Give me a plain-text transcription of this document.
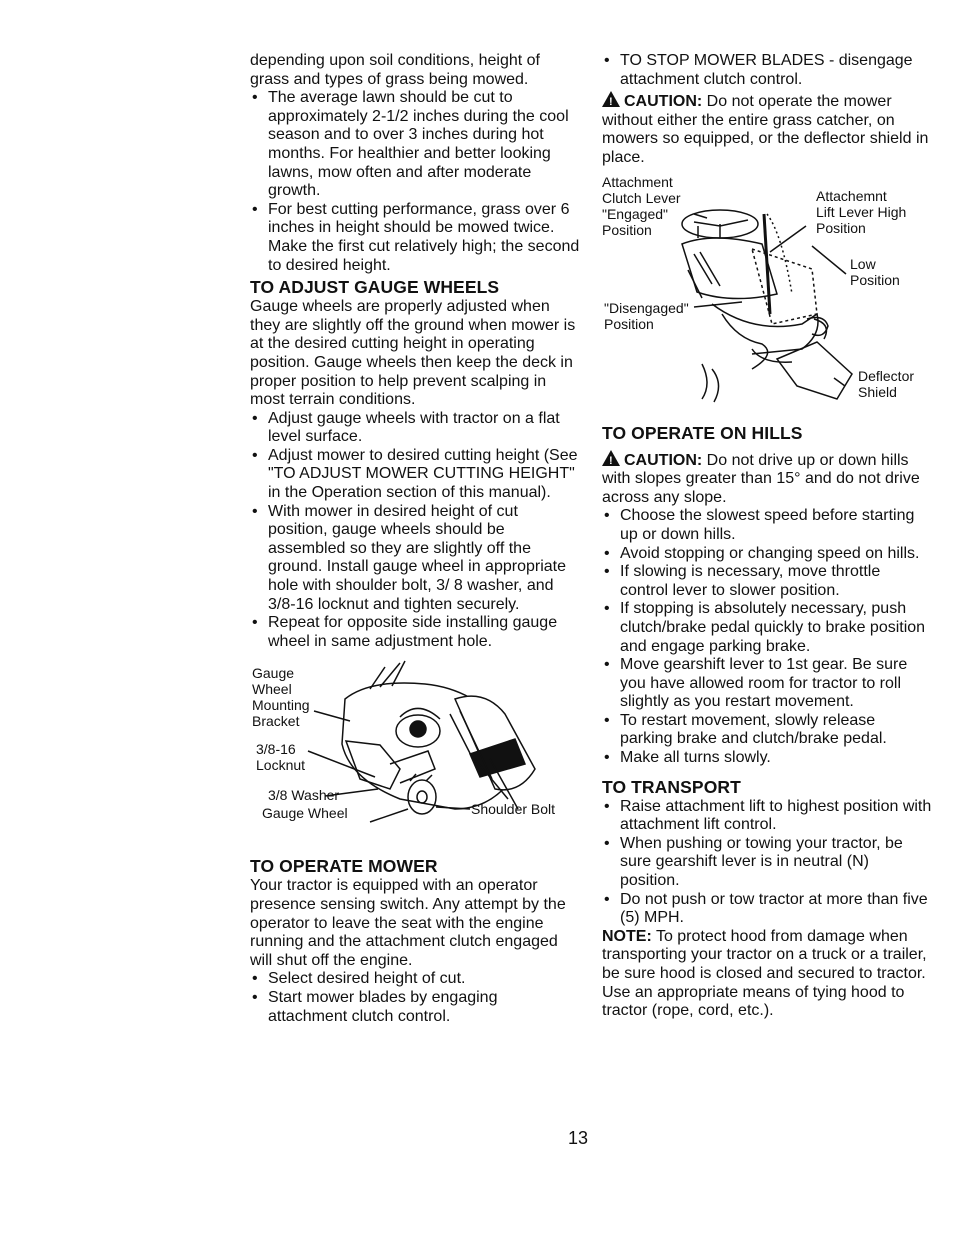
depending upon soil conditions, height of grass and types of grass being mowed.

• The average lawn should be cut to approximately 2-1/2 inches during the cool season and to over 3 inches during hot months. For healthier and better looking lawns, mow often and after moderate growth.
• For best cutting performance, grass over 6 inches in height should be mowed twice. Make the first cut relatively high; the second to desired height.
TO ADJUST GAUGE WHEELS

Gauge wheels are properly adjusted when they are slightly off the ground when mower is at the desired cutting height in operating position. Gauge wheels then keep the deck in proper position to help prevent scalping in most terrain conditions.

• Adjust gauge wheels with tractor on a flat level surface.
• Adjust mower to desired cutting height (See "TO ADJUST MOWER CUTTING HEIGHT" in the Operation section of this manual).
• With mower in desired height of cut position, gauge wheels should be assembled so they are slightly off the ground. Install gauge wheel in appropriate hole with shoulder bolt, 3/ 8 washer, and 3/8-16 locknut and tighten securely.
• Repeat for opposite side installing gauge wheel in same adjustment hole.
Gauge
Wheel
Mounting
Bracket
3/8-16
Locknut
3/8 Washer
Gauge Wheel	Shoulder Bolt
TO OPERATE MOWER

Your tractor is equipped with an operator presence sensing switch. Any attempt by the operator to leave the seat with the engine running and the attachment clutch engaged will shut off the engine.

• Select desired height of cut.
• Start mower blades by engaging attachment clutch control.
• TO STOP MOWER BLADES - disengage attachment clutch control.

!CAUTION: Do not operate the mower without either the entire grass catcher, on mowers so equipped, or the deflector shield in place.

Attachment
Clutch Lever
"Engaged"
Position
Attachemnt
Lift Lever High
Position
Low
Position
"Disengaged"
Position
Deflector
Shield
TO OPERATE ON HILLS

!CAUTION: Do not drive up or down hills with slopes greater than 15° and do not drive across any slope.

• Choose the slowest speed before starting up or down hills.
• Avoid stopping or changing speed on hills.
• If slowing is necessary, move throttle control lever to slower position.
• If stopping is absolutely necessary, push clutch/brake pedal quickly to brake position and engage parking brake.
• Move gearshift lever to 1st gear. Be sure you have allowed room for tractor to roll slightly as you restart movement.
• To restart movement, slowly release parking brake and clutch/brake pedal.
• Make all turns slowly.
TO TRANSPORT
• Raise attachment lift to highest position with attachment lift control.
• When pushing or towing your tractor, be sure gearshift lever is in neutral (N) position.
• Do not push or tow tractor at more than five (5) MPH.

NOTE: To protect hood from damage when transporting your tractor on a truck or a trailer, be sure hood is closed and secured to tractor. Use an appropriate means of tying hood to tractor (rope, cord, etc.).

13
